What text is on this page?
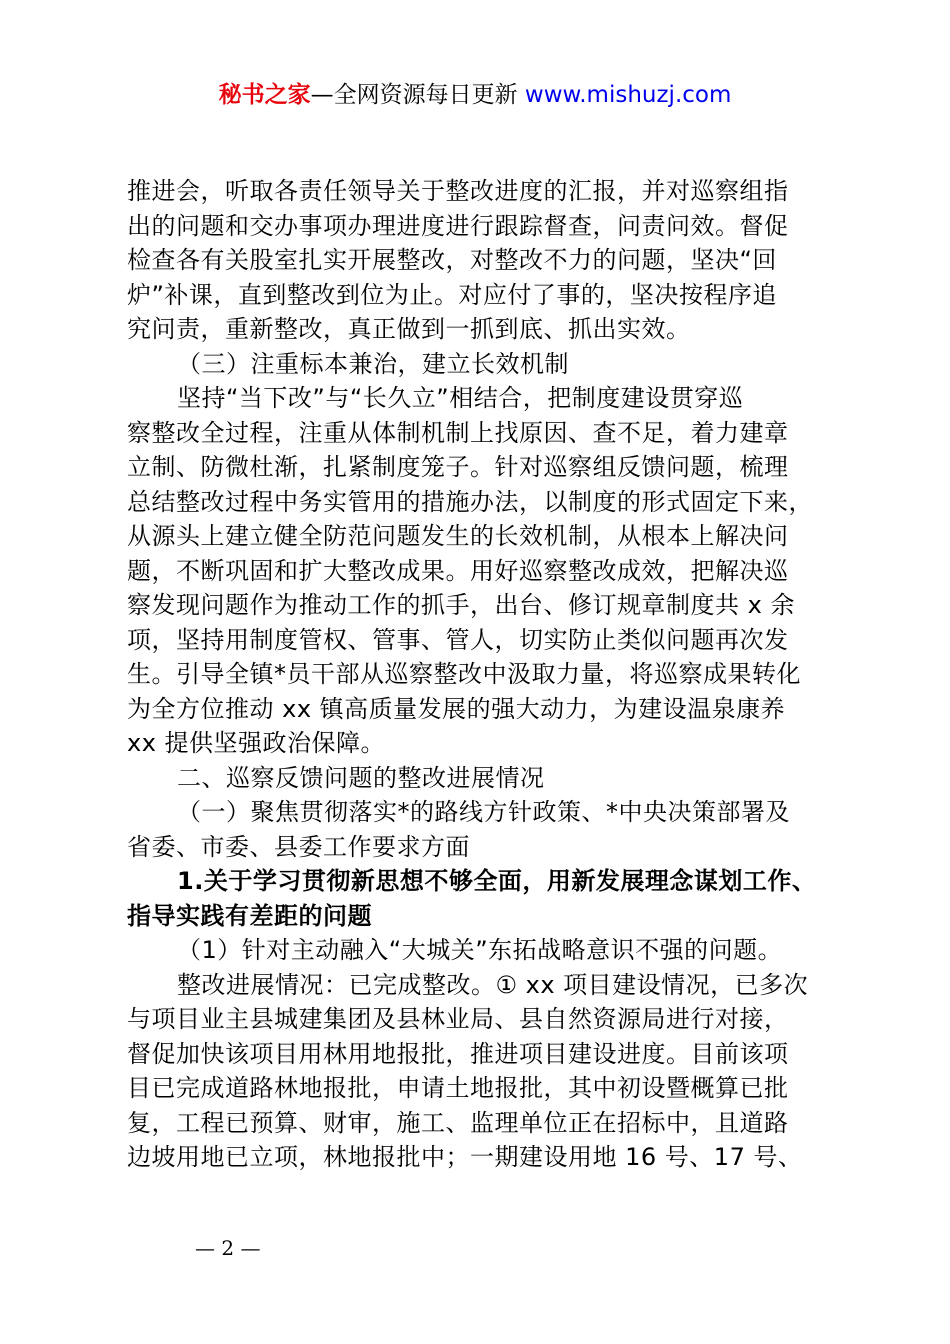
秘书之家—全网资源每日更新 www.mishuzj.com
推进会，听取各责任领导关于整改进度的汇报，并对巡察组指
出的问题和交办事项办理进度进行跟踪督查，问责问效。督促
检查各有关股室扎实开展整改，对整改不力的问题，坚决“回
炉”补课，直到整改到位为止。对应付了事的，坚决按程序追
究问责，重新整改，真正做到一抓到底、抓出实效。
（三）注重标本兼治，建立长效机制
坚持“当下改”与“长久立”相结合，把制度建设贯穿巡
察整改全过程，注重从体制机制上找原因、查不足，着力建章
立制、防微杜渐，扎紧制度笼子。针对巡察组反馈问题，梳理
总结整改过程中务实管用的措施办法，以制度的形式固定下来，
从源头上建立健全防范问题发生的长效机制，从根本上解决问
题，不断巩固和扩大整改成果。用好巡察整改成效，把解决巡
察发现问题作为推动工作的抓手，出台、修订规章制度共 x 余
项，坚持用制度管权、管事、管人，切实防止类似问题再次发
生。引导全镇*员干部从巡察整改中汲取力量，将巡察成果转化
为全方位推动 xx 镇高质量发展的强大动力，为建设温泉康养
xx 提供坚强政治保障。
二、巡察反馈问题的整改进展情况
（一）聚焦贯彻落实*的路线方针政策、*中央决策部署及
省委、市委、县委工作要求方面
1.关于学习贯彻新思想不够全面，用新发展理念谋划工作、
指导实践有差距的问题
（1）针对主动融入“大城关”东拓战略意识不强的问题。
整改进展情况：已完成整改。① xx 项目建设情况，已多次
与项目业主县城建集团及县林业局、县自然资源局进行对接，
督促加快该项目用林用地报批，推进项目建设进度。目前该项
目已完成道路林地报批，申请土地报批，其中初设暨概算已批
复，工程已预算、财审，施工、监理单位正在招标中，且道路
边坡用地已立项，林地报批中；一期建设用地 16 号、17 号、
— 2 —
